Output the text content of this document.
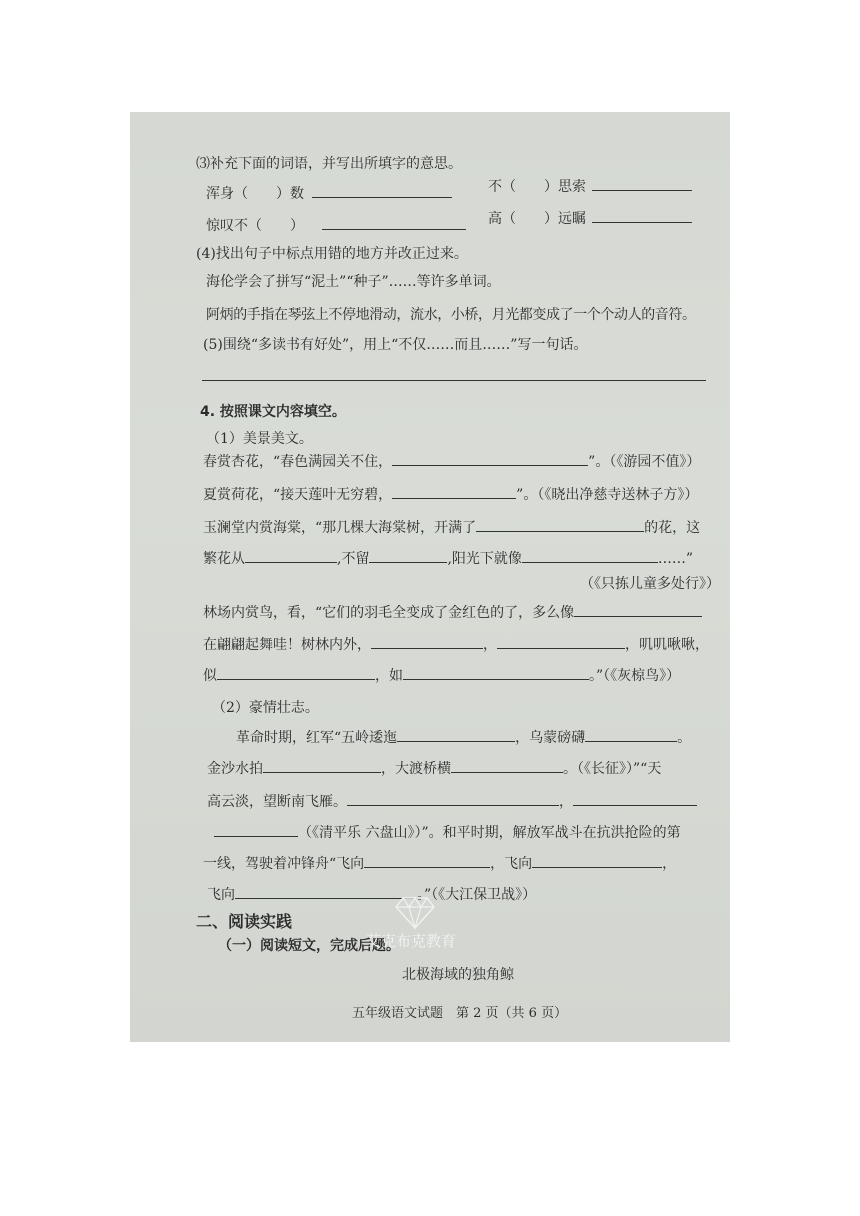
⑶补充下面的词语，并写出所填字的意思。
浑身（　　）数	不（　　）思索
惊叹不（　　）	高（　　）远瞩
(4)找出句子中标点用错的地方并改正过来。
海伦学会了拼写“泥土”“种子”……等许多单词。
阿炳的手指在琴弦上不停地滑动，流水，小桥，月光都变成了一个个动人的音符。
(5)围绕“多读书有好处”，用上“不仅……而且……”写一句话。
4. 按照课文内容填空。
（1）美景美文。
春赏杏花，“春色满园关不住，	”。（《游园不值》）
夏赏荷花，“接天莲叶无穷碧，	”。（《晓出净慈寺送林子方》）
玉澜堂内赏海棠，“那几棵大海棠树，开满了	的花，这
繁花从	,不留	,阳光下就像	……”
（《只拣儿童多处行》）
林场内赏鸟，看，“它们的羽毛全变成了金红色的了，多么像
在翩翩起舞哇！树林内外，	，	，叽叽啾啾，
似	，如	。”（《灰椋鸟》）
（2）豪情壮志。
革命时期，红军“五岭逶迤	，乌蒙磅礴	。
金沙水拍	，大渡桥横	。（《长征》）”“天
高云淡，望断南飞雁。	，
（《清平乐 六盘山》）”。和平时期，解放军战斗在抗洪抢险的第
一线，驾驶着冲锋舟“飞向	，飞向	，
飞向	。”（《大江保卫战》）
二、阅读实践
（一）阅读短文，完成后题。
北极海域的独角鲸
五年级语文试题　第 2 页（共 6 页）
艾克布克教育
